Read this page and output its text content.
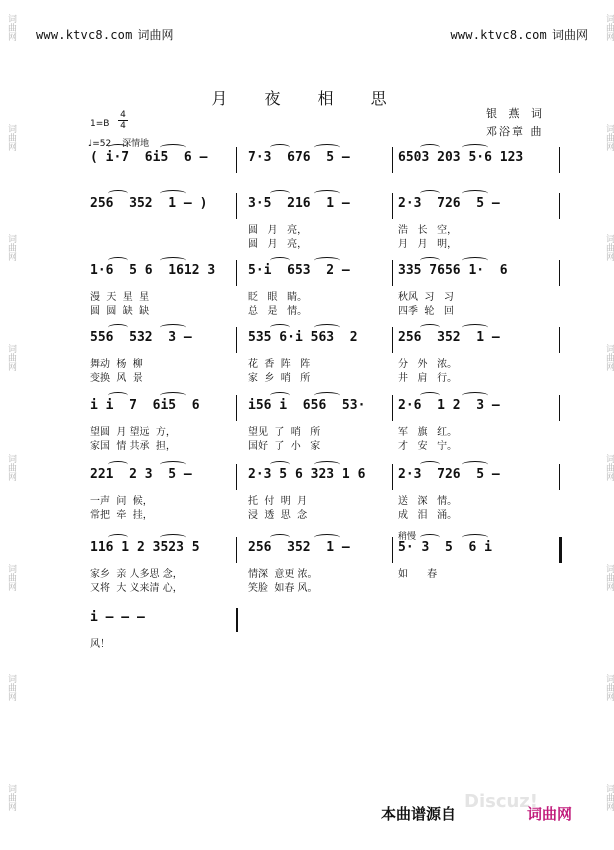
词曲网
词曲网
词曲网
词曲网
词曲网
词曲网
词曲网
词曲网
词曲网
词曲网
词曲网
词曲网
词曲网
词曲网
词曲网
词曲网
www.ktvc8.com 词曲网	www.ktvc8.com 词曲网
月 夜 相 思
银 燕 词
邓浴章 曲
1=B
4
4
♩=52 深情地
( i·7  6i5  6 –	7·3  676  5 –	6503 203 5·6 123
256  352  1 – )	3·5  216  1 –	2·3  726  5 –
圆   月   亮，	浩   长   空，
圆   月   亮，	月   月   明，
1·6  5 6  1612 3	5·i  653  2 –	335 7656 1·  6
漫  天  星  星	眨   眼   睛。	秋风  习   习
圆  圆  缺  缺	总   是   情。	四季  轮   回
556  532  3 –	535 6·i 563  2	256  352  1 –
舞动  杨  柳	花  香  阵   阵	分   外   浓。
变换  风  景	家  乡  哨   所	井   肩   行。
i i  7  6i5  6	i56 i  656  53·	2·6  1 2  3 –
望圆  月 望远  方，	望见  了  哨   所	军   旗   红。
家国  情 共承  担，	国好  了  小   家	才   安   宁。
221  2 3  5 –	2·3 5 6 323 1 6	2·3  726  5 –
一声  问  候，	托  付  明  月	送   深   情。
常把  牵  挂，	浸  透  思  念	成   泪   涌。
116 1 2 3523 5	256  352  1 –	5· 3  5  6 i
家乡  亲 人多思 念，	情深  意更 浓。	如      春
又将  大 义来清 心，	笑脸  如春 风。
i – – –
风！
稍慢
Discuz!
本曲谱源自	词曲网
